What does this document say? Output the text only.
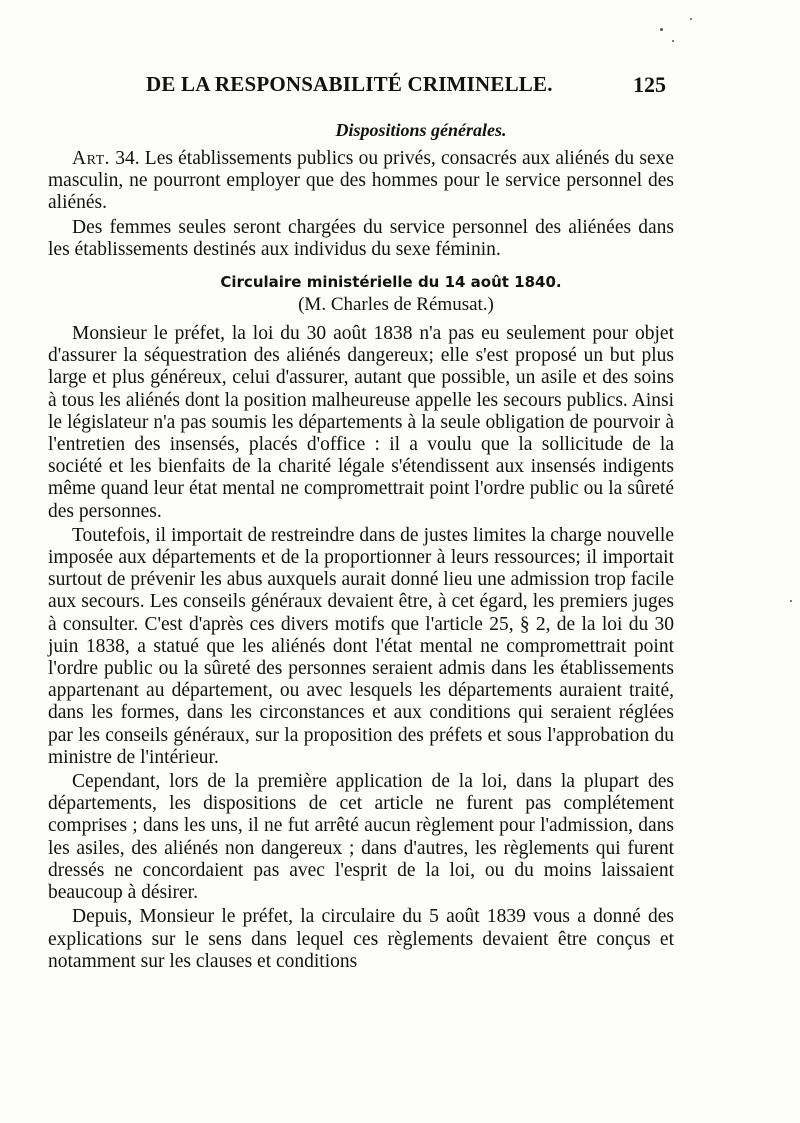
DE LA RESPONSABILITÉ CRIMINELLE.	125
Dispositions générales.

Art. 34. Les établissements publics ou privés, consacrés aux aliénés du sexe masculin, ne pourront employer que des hommes pour le service personnel des aliénés.

Des femmes seules seront chargées du service personnel des aliénées dans les établissements destinés aux individus du sexe féminin.

Circulaire ministérielle du 14 août 1840.
(M. Charles de Rémusat.)

Monsieur le préfet, la loi du 30 août 1838 n'a pas eu seulement pour objet d'assurer la séquestration des aliénés dangereux; elle s'est proposé un but plus large et plus généreux, celui d'assurer, autant que possible, un asile et des soins à tous les aliénés dont la position malheureuse appelle les secours publics. Ainsi le législateur n'a pas soumis les départements à la seule obligation de pourvoir à l'entretien des insensés, placés d'office : il a voulu que la sollicitude de la société et les bienfaits de la charité légale s'étendissent aux insensés indigents même quand leur état mental ne compromettrait point l'ordre public ou la sûreté des personnes.

Toutefois, il importait de restreindre dans de justes limites la charge nouvelle imposée aux départements et de la proportionner à leurs ressources; il importait surtout de prévenir les abus auxquels aurait donné lieu une admission trop facile aux secours. Les conseils généraux devaient être, à cet égard, les premiers juges à consulter. C'est d'après ces divers motifs que l'article 25, § 2, de la loi du 30 juin 1838, a statué que les aliénés dont l'état mental ne compromettrait point l'ordre public ou la sûreté des personnes seraient admis dans les établissements appartenant au département, ou avec lesquels les départements auraient traité, dans les formes, dans les circonstances et aux conditions qui seraient réglées par les conseils généraux, sur la proposition des préfets et sous l'approbation du ministre de l'intérieur.

Cependant, lors de la première application de la loi, dans la plupart des départements, les dispositions de cet article ne furent pas complétement comprises ; dans les uns, il ne fut arrêté aucun règlement pour l'admission, dans les asiles, des aliénés non dangereux ; dans d'autres, les règlements qui furent dressés ne concordaient pas avec l'esprit de la loi, ou du moins laissaient beaucoup à désirer.

Depuis, Monsieur le préfet, la circulaire du 5 août 1839 vous a donné des explications sur le sens dans lequel ces règlements devaient être conçus et notamment sur les clauses et conditions
